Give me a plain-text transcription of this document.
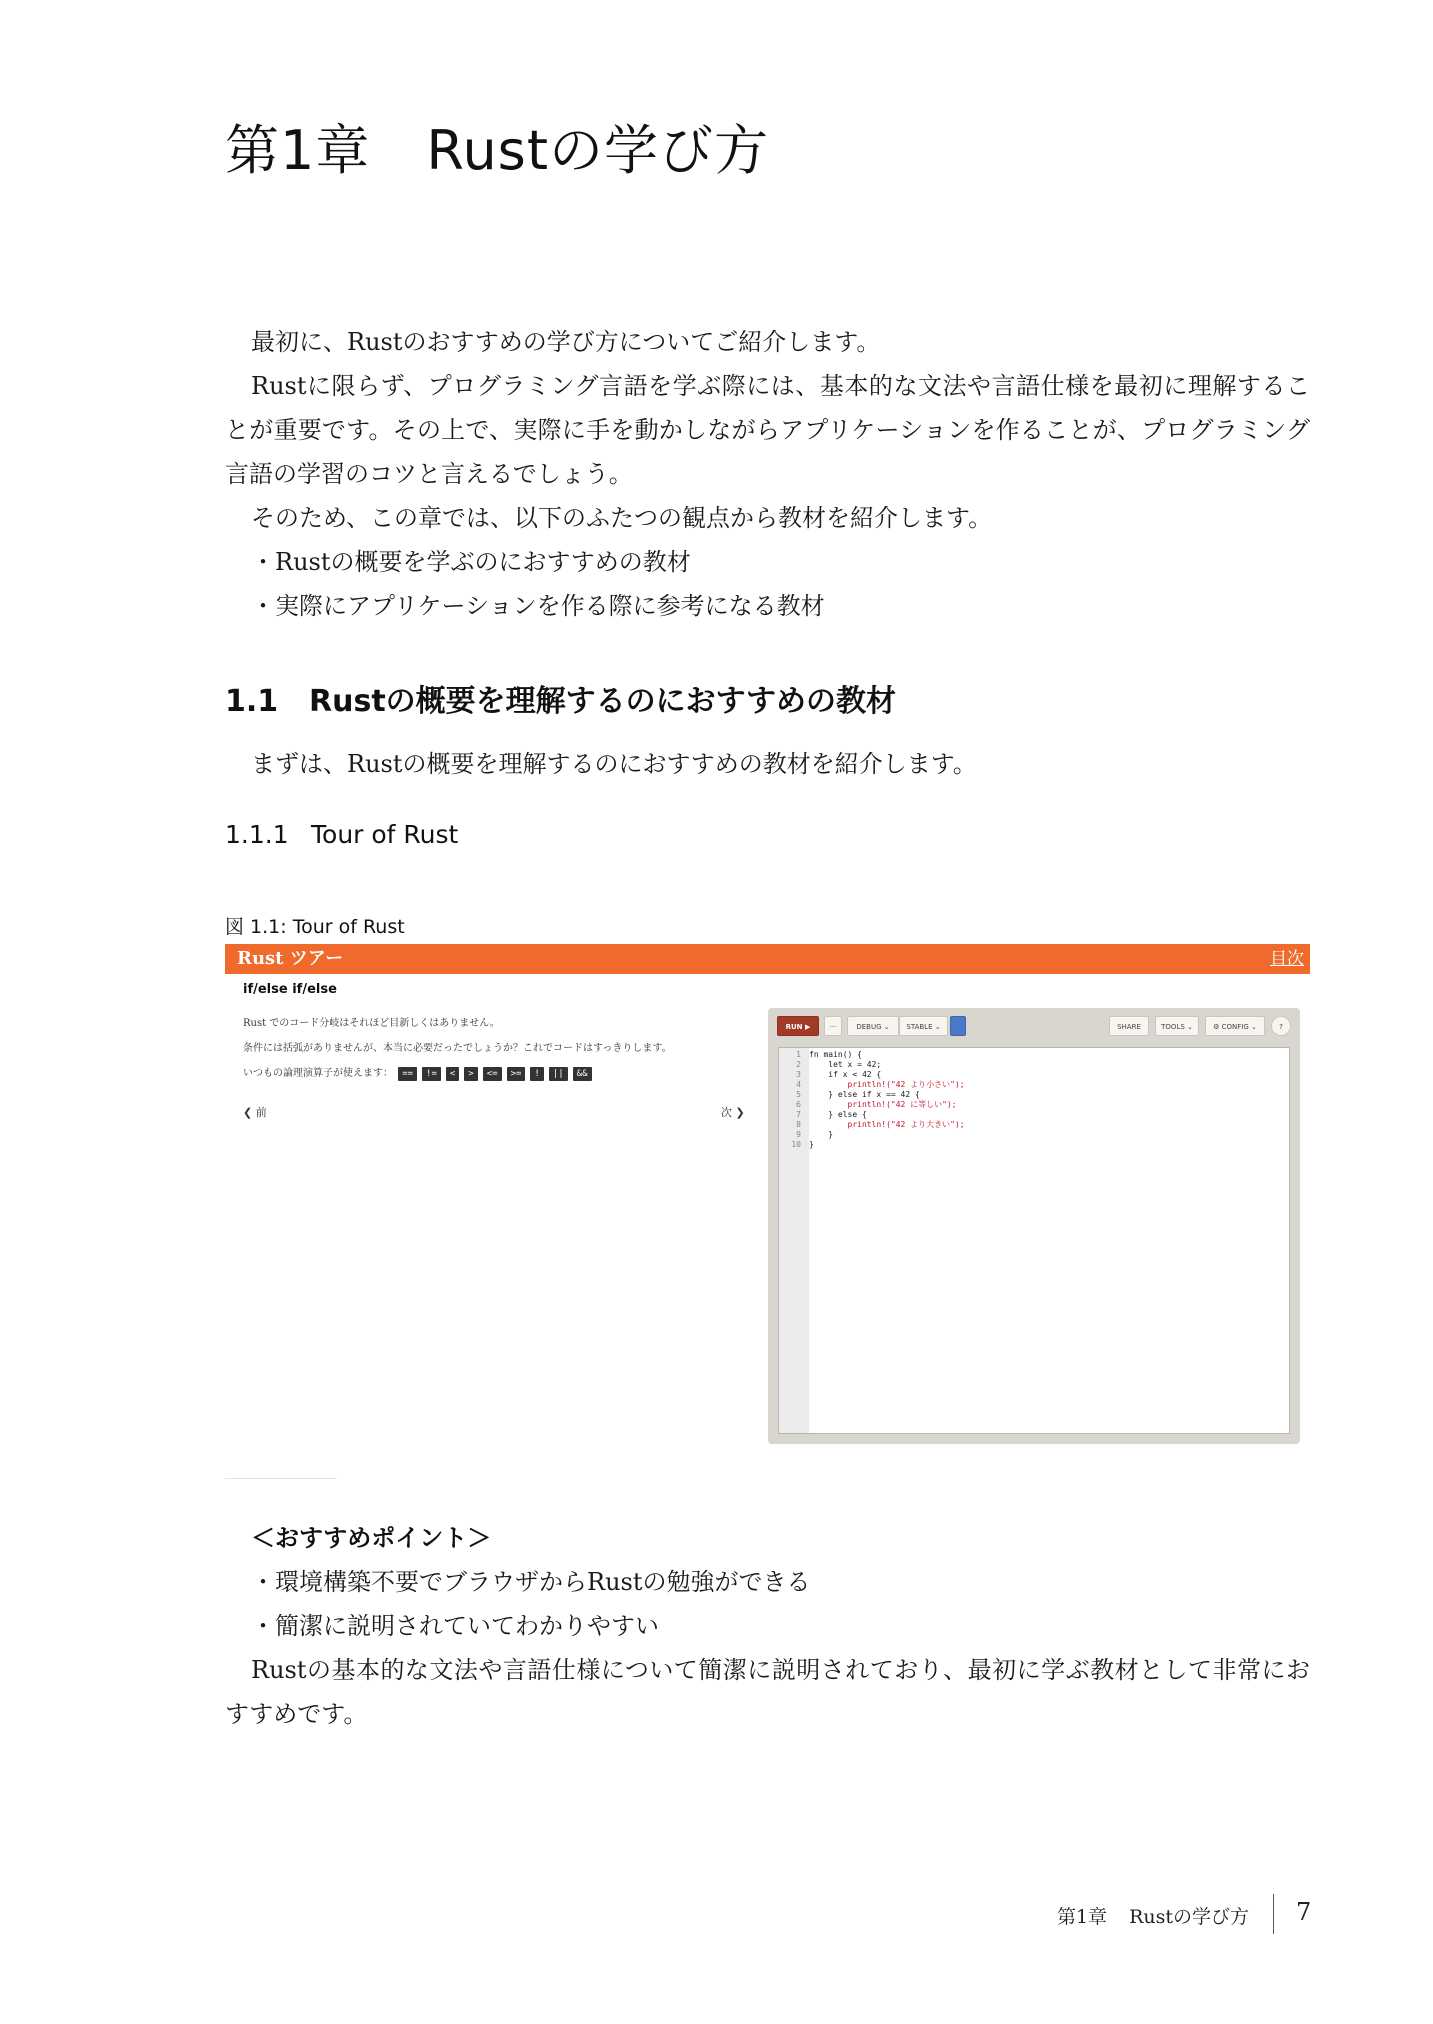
第1章 Rustの学び方

最初に、Rustのおすすめの学び方についてご紹介します。

Rustに限らず、プログラミング言語を学ぶ際には、基本的な文法や言語仕様を最初に理解することが重要です。その上で、実際に手を動かしながらアプリケーションを作ることが、プログラミング言語の学習のコツと言えるでしょう。

そのため、この章では、以下のふたつの観点から教材を紹介します。

・Rustの概要を学ぶのにおすすめの教材

・実際にアプリケーションを作る際に参考になる教材

1.1 Rustの概要を理解するのにおすすめの教材

まずは、Rustの概要を理解するのにおすすめの教材を紹介します。

1.1.1 Tour of Rust

図 1.1: Tour of Rust

Rust ツアー	目次
if/else if/else
Rust でのコード分岐はそれほど目新しくはありません。
条件には括弧がありませんが、本当に必要だったでしょうか？これでコードはすっきりします。
いつもの論理演算子が使えます：	==	!=	<	>	<=	>=	!	||	&&
❮ 前	次 ❯
RUN ▶	···	DEBUG ⌄	STABLE ⌄	SHARE	TOOLS ⌄	⚙ CONFIG ⌄	?
1 fn main() {
2    let x = 42;
3    if x < 42 {
4        println!("42 より小さい");
5    } else if x == 42 {
6        println!("42 に等しい");
7    } else {
8        println!("42 より大きい");
9    }
10 }
＜おすすめポイント＞

・環境構築不要でブラウザからRustの勉強ができる

・簡潔に説明されていてわかりやすい

Rustの基本的な文法や言語仕様について簡潔に説明されており、最初に学ぶ教材として非常におすすめです。

第1章 Rustの学び方 7
